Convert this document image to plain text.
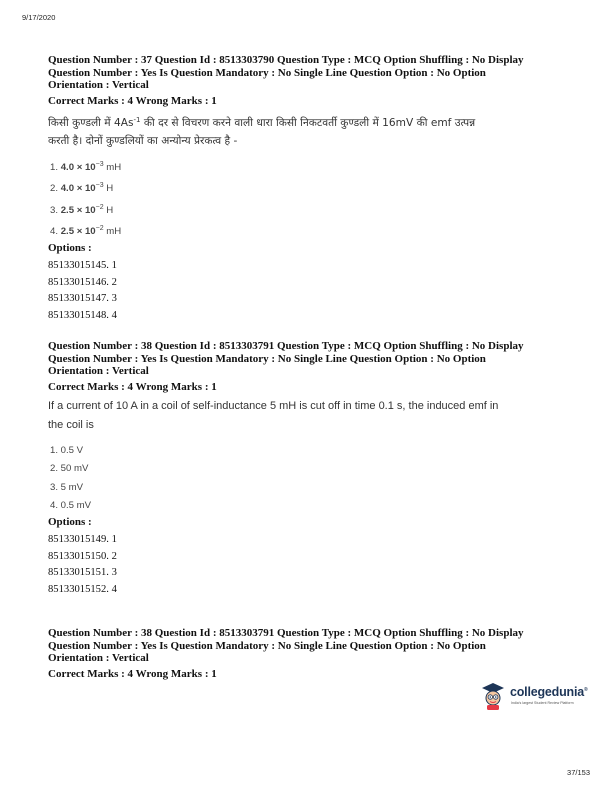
9/17/2020

Question Number : 37 Question Id : 8513303790 Question Type : MCQ Option Shuffling : No Display

Question Number : Yes Is Question Mandatory : No Single Line Question Option : No Option

Orientation : Vertical

Correct Marks : 4 Wrong Marks : 1

किसी कुण्डली में $4As^{-1}$ की दर से विचरण करने वाली धारा किसी निकटवर्ती कुण्डली में 16mV की emf उत्पन्न
करती है। दोनों कुण्डलियों का अन्योन्य प्रेरकत्व है -
1. $4.0 \times 10^{-3}$ mH
2. $4.0 \times 10^{-3}$ H
3. $2.5 \times 10^{-2}$ H
4. $2.5 \times 10^{-2}$ mH

Options :

85133015145. 1
85133015146. 2
85133015147. 3
85133015148. 4

Question Number : 38 Question Id : 8513303791 Question Type : MCQ Option Shuffling : No Display

Question Number : Yes Is Question Mandatory : No Single Line Question Option : No Option

Orientation : Vertical

Correct Marks : 4 Wrong Marks : 1

If a current of 10 A in a coil of self-inductance 5 mH is cut off in time 0.1 s, the induced emf in
the coil is
1. 0.5 V
2. 50 mV
3. 5 mV
4. 0.5 mV

Options :

85133015149. 1
85133015150. 2
85133015151. 3
85133015152. 4

Question Number : 38 Question Id : 8513303791 Question Type : MCQ Option Shuffling : No Display

Question Number : Yes Is Question Mandatory : No Single Line Question Option : No Option

Orientation : Vertical

Correct Marks : 4 Wrong Marks : 1

collegedunia®
India's largest Student Review Platform
37/153
